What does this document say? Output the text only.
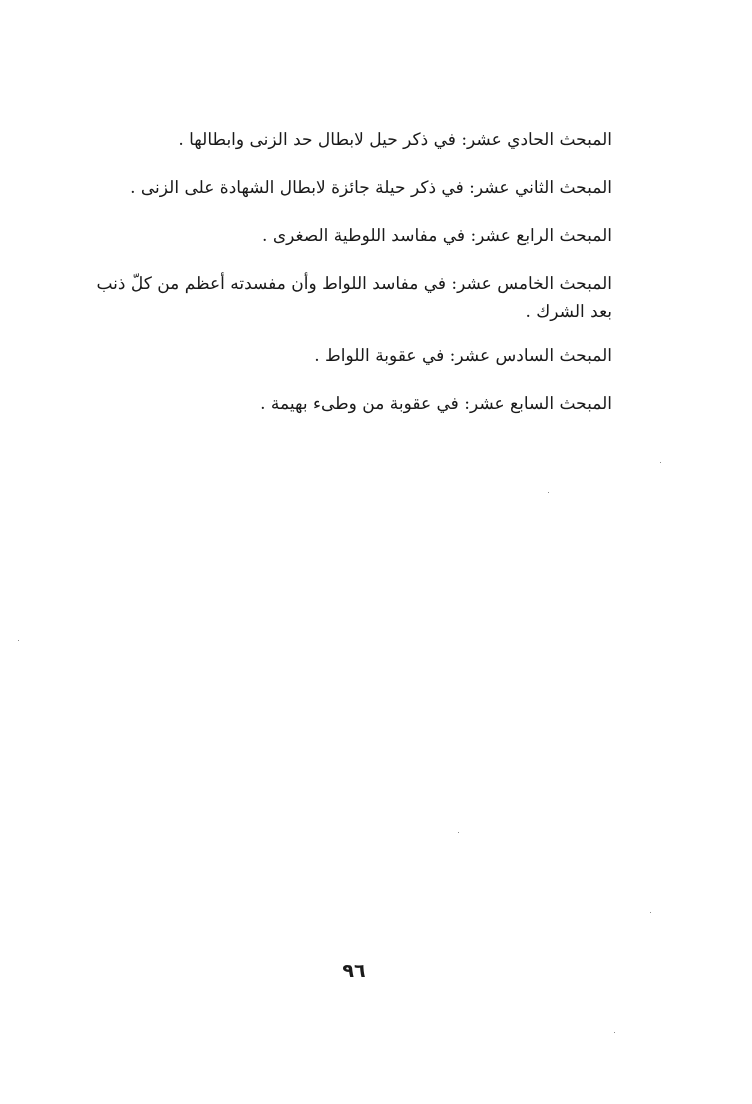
المبحث الحادي عشر: في ذكر حيل لابطال حد الزنى وابطالها .

المبحث الثاني عشر: في ذكر حيلة جائزة لابطال الشهادة على الزنى .

المبحث الرابع عشر: في مفاسد اللوطية الصغرى .

المبحث الخامس عشر: في مفاسد اللواط وأن مفسدته أعظم من كلّ ذنب بعد الشرك .

المبحث السادس عشر: في عقوبة اللواط .

المبحث السابع عشر: في عقوبة من وطىء بهيمة .

٩٦
